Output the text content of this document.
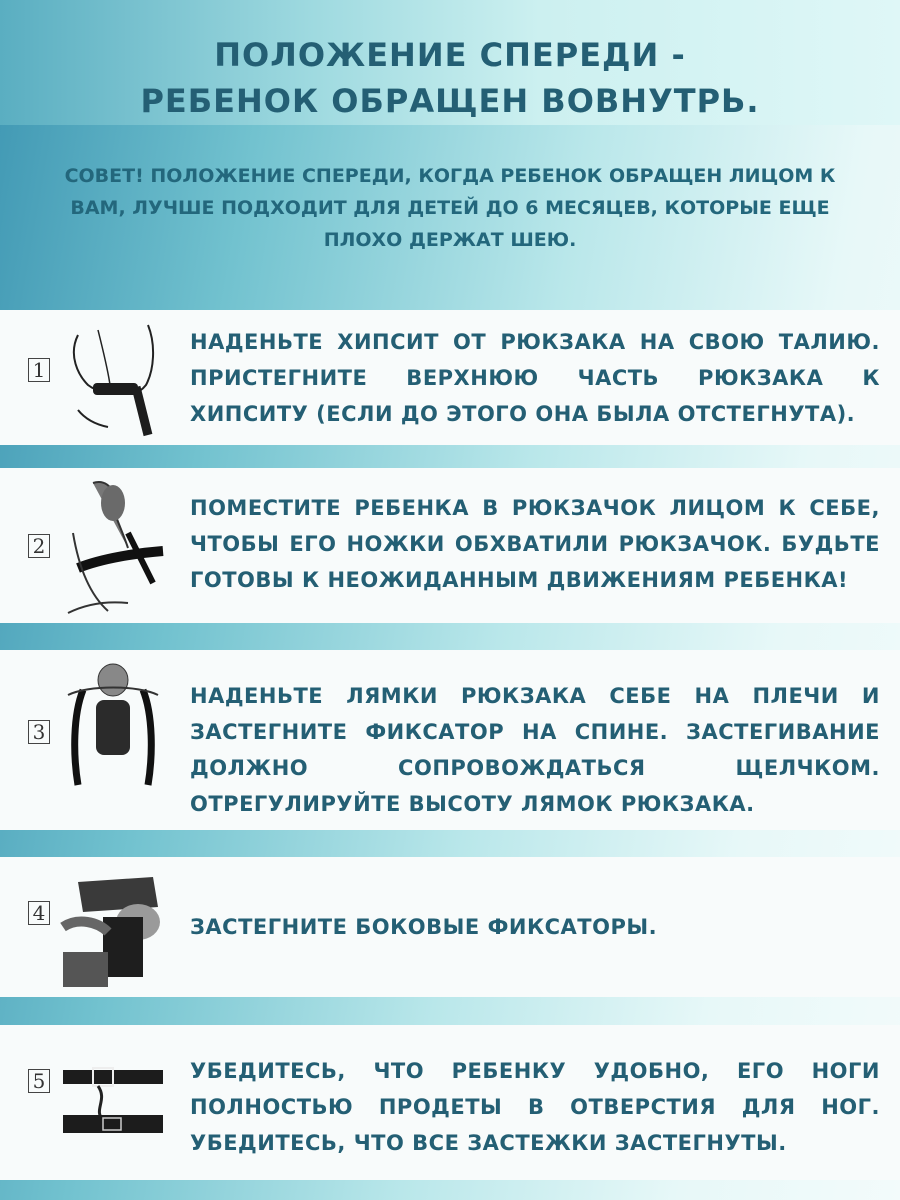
ПОЛОЖЕНИЕ СПЕРЕДИ -
РЕБЕНОК ОБРАЩЕН ВОВНУТРЬ.
СОВЕТ! ПОЛОЖЕНИЕ СПЕРЕДИ, КОГДА РЕБЕНОК ОБРАЩЕН ЛИЦОМ К ВАМ, ЛУЧШЕ ПОДХОДИТ ДЛЯ ДЕТЕЙ ДО 6 МЕСЯЦЕВ, КОТОРЫЕ ЕЩЕ ПЛОХО ДЕРЖАТ ШЕЮ.
1
НАДЕНЬТЕ ХИПСИТ ОТ РЮКЗАКА НА СВОЮ ТАЛИЮ. ПРИСТЕГНИТЕ ВЕРХНЮЮ ЧАСТЬ РЮКЗАКА К ХИПСИТУ (ЕСЛИ ДО ЭТОГО ОНА БЫЛА ОТСТЕГНУТА).
2
ПОМЕСТИТЕ РЕБЕНКА В РЮКЗАЧОК ЛИЦОМ К СЕБЕ, ЧТОБЫ ЕГО НОЖКИ ОБХВАТИЛИ РЮКЗАЧОК. БУДЬТЕ ГОТОВЫ К НЕОЖИДАННЫМ ДВИЖЕНИЯМ РЕБЕНКА!
3
НАДЕНЬТЕ ЛЯМКИ РЮКЗАКА СЕБЕ НА ПЛЕЧИ И ЗАСТЕГНИТЕ ФИКСАТОР НА СПИНЕ. ЗАСТЕГИВАНИЕ ДОЛЖНО СОПРОВОЖДАТЬСЯ ЩЕЛЧКОМ. ОТРЕГУЛИРУЙТЕ ВЫСОТУ ЛЯМОК РЮКЗАКА.
4
ЗАСТЕГНИТЕ БОКОВЫЕ ФИКСАТОРЫ.
5	УБЕДИТЕСЬ, ЧТО РЕБЕНКУ УДОБНО, ЕГО НОГИ ПОЛНОСТЬЮ ПРОДЕТЫ В ОТВЕРСТИЯ ДЛЯ НОГ. УБЕДИТЕСЬ, ЧТО ВСЕ ЗАСТЕЖКИ ЗАСТЕГНУТЫ.
